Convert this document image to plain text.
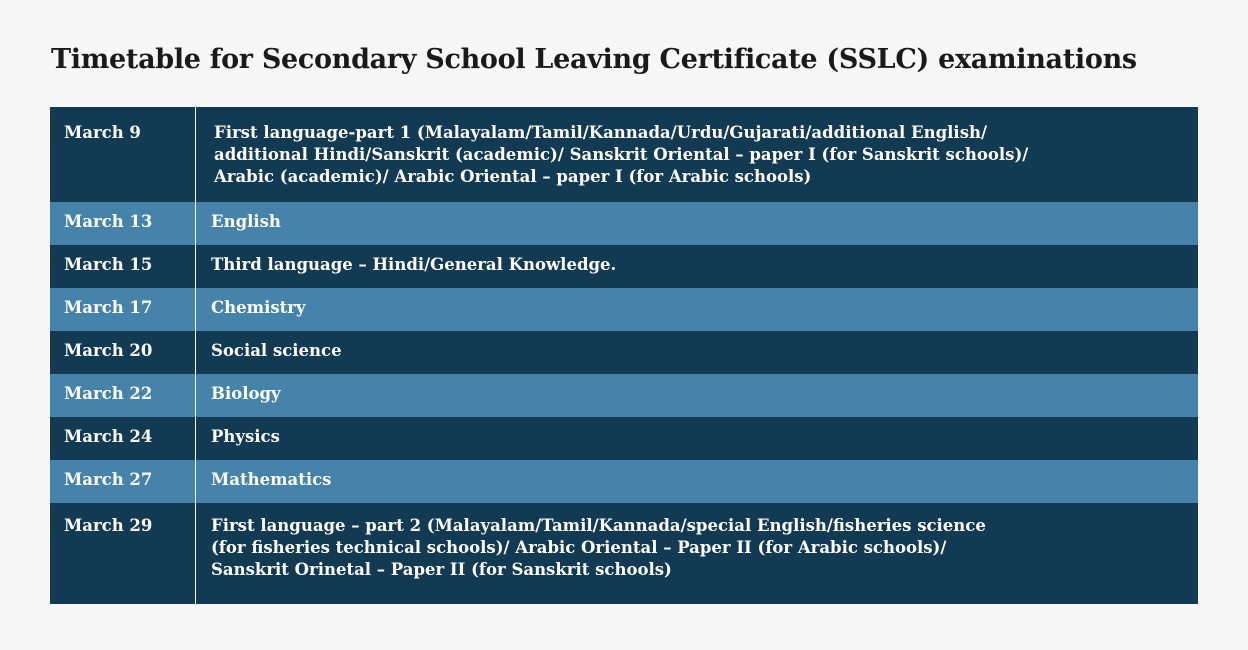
Timetable for Secondary School Leaving Certificate (SSLC) examinations
March 9	First language-part 1 (Malayalam/Tamil/Kannada/Urdu/Gujarati/additional English/
additional Hindi/Sanskrit (academic)/ Sanskrit Oriental – paper I (for Sanskrit schools)/
Arabic (academic)/ Arabic Oriental – paper I (for Arabic schools)
March 13	English
March 15	Third language – Hindi/General Knowledge.
March 17	Chemistry
March 20	Social science
March 22	Biology
March 24	Physics
March 27	Mathematics
March 29	First language – part 2 (Malayalam/Tamil/Kannada/special English/fisheries science
(for fisheries technical schools)/ Arabic Oriental – Paper II (for Arabic schools)/
Sanskrit Orinetal – Paper II (for Sanskrit schools)
